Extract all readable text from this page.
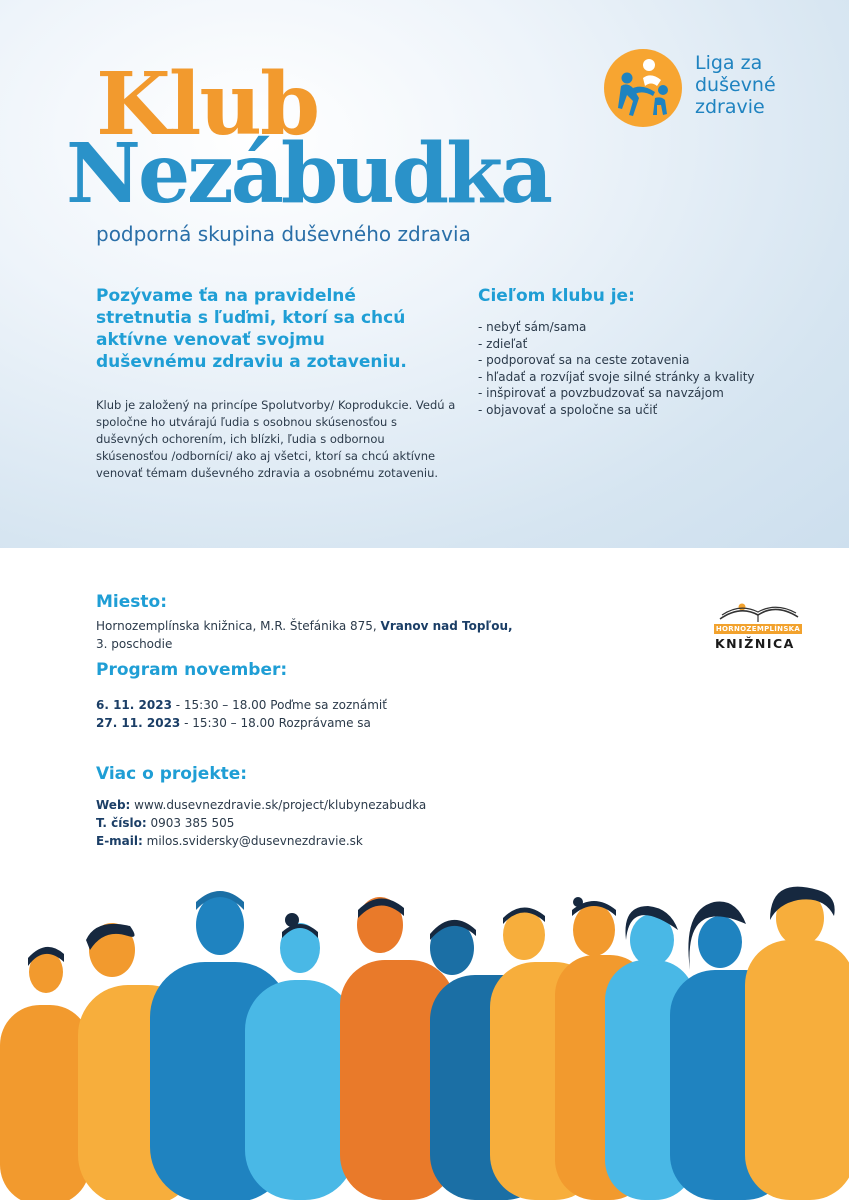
Klub
Nezábudka
podporná skupina duševného zdravia
Liga za
duševné
zdravie
Pozývame ťa na pravidelné stretnutia s ľuďmi, ktorí sa chcú aktívne venovať svojmu duševnému zdraviu a zotaveniu.
Klub je založený na princípe Spolutvorby/ Koprodukcie. Vedú a spoločne ho utvárajú ľudia s osobnou skúsenosťou s duševných ochorením, ich blízki, ľudia s odbornou skúsenosťou /odborníci/ ako aj všetci, ktorí sa chcú aktívne venovať témam duševného zdravia a osobnému zotaveniu.
Cieľom klubu je:
- nebyť sám/sama
- zdieľať
- podporovať sa na ceste zotavenia
- hľadať a rozvíjať svoje silné stránky a kvality
- inšpirovať a povzbudzovať sa navzájom
- objavovať a spoločne sa učiť
Miesto:
Hornozemplínska knižnica, M.R. Štefánika 875, Vranov nad Topľou,
3. poschodie
Program november:
6. 11. 2023 - 15:30 – 18.00 Poďme sa zoznámiť
27. 11. 2023 - 15:30 – 18.00 Rozprávame sa
Viac o projekte:
Web: www.dusevnezdravie.sk/project/klubynezabudka
T. číslo: 0903 385 505
E-mail: milos.svidersky@dusevnezdravie.sk
HORNOZEMPLÍNSKA
KNIŽNICA
